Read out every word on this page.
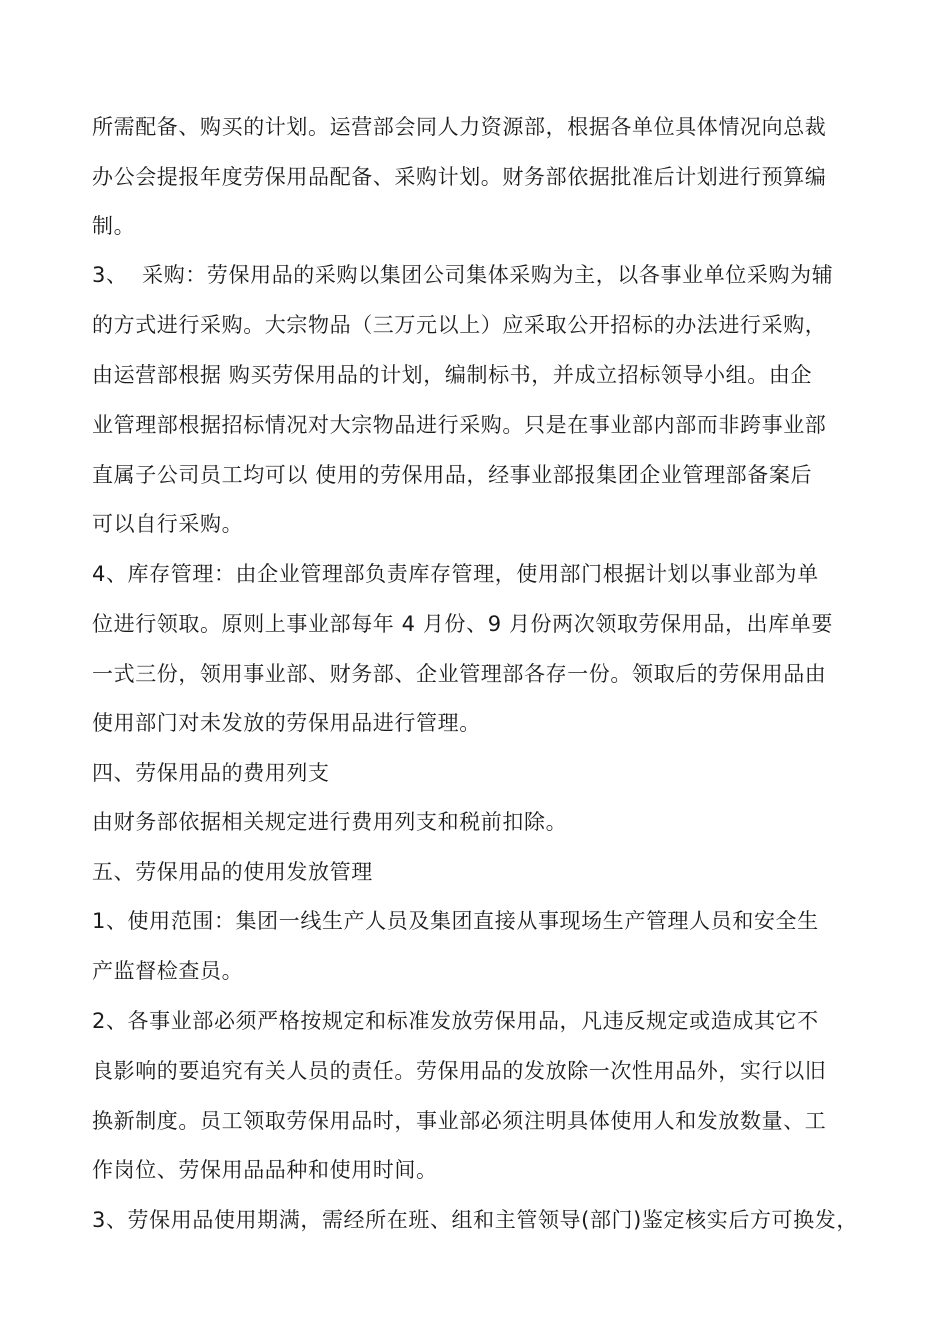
所需配备、购买的计划。运营部会同人力资源部，根据各单位具体情况向总裁
办公会提报年度劳保用品配备、采购计划。财务部依据批准后计划进行预算编
制。
3、  采购：劳保用品的采购以集团公司集体采购为主，以各事业单位采购为辅
的方式进行采购。大宗物品（三万元以上）应采取公开招标的办法进行采购，
由运营部根据 购买劳保用品的计划，编制标书，并成立招标领导小组。由企
业管理部根据招标情况对大宗物品进行采购。只是在事业部内部而非跨事业部
直属子公司员工均可以 使用的劳保用品，经事业部报集团企业管理部备案后
可以自行采购。
4、库存管理：由企业管理部负责库存管理，使用部门根据计划以事业部为单
位进行领取。原则上事业部每年 4 月份、9 月份两次领取劳保用品，出库单要
一式三份，领用事业部、财务部、企业管理部各存一份。领取后的劳保用品由
使用部门对未发放的劳保用品进行管理。
四、劳保用品的费用列支
由财务部依据相关规定进行费用列支和税前扣除。
五、劳保用品的使用发放管理
1、使用范围：集团一线生产人员及集团直接从事现场生产管理人员和安全生
产监督检查员。
2、各事业部必须严格按规定和标准发放劳保用品，凡违反规定或造成其它不
良影响的要追究有关人员的责任。劳保用品的发放除一次性用品外，实行以旧
换新制度。员工领取劳保用品时，事业部必须注明具体使用人和发放数量、工
作岗位、劳保用品品种和使用时间。
3、劳保用品使用期满，需经所在班、组和主管领导(部门)鉴定核实后方可换发，
